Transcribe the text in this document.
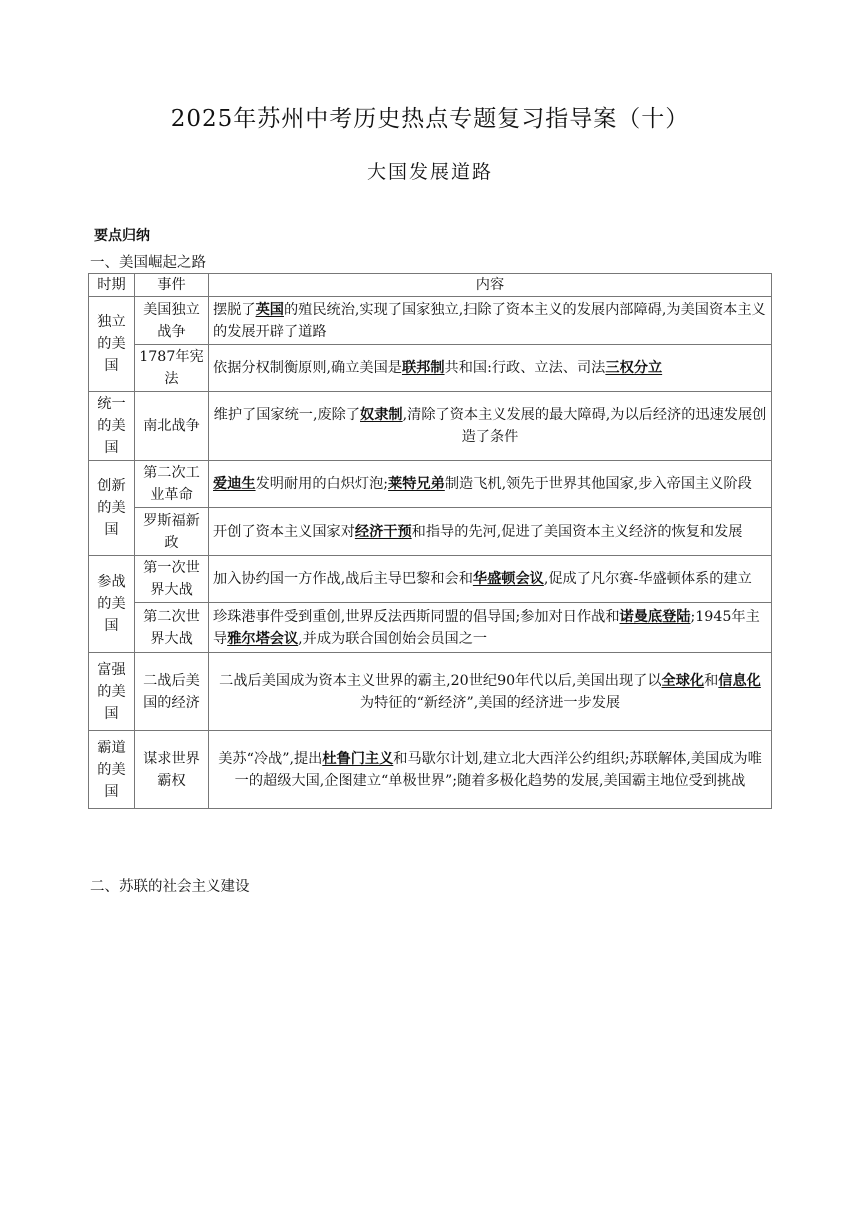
2025年苏州中考历史热点专题复习指导案（十）
大国发展道路
要点归纳
一、美国崛起之路
时期	事件	内容
独立的美国	美国独立战争	摆脱了英国的殖民统治,实现了国家独立,扫除了资本主义的发展内部障碍,为美国资本主义的发展开辟了道路
	1787年宪法	依据分权制衡原则,确立美国是联邦制共和国:行政、立法、司法三权分立
统一的美国	南北战争	维护了国家统一,废除了奴隶制,清除了资本主义发展的最大障碍,为以后经济的迅速发展创造了条件
创新的美国	第二次工业革命	爱迪生发明耐用的白炽灯泡;莱特兄弟制造飞机,领先于世界其他国家,步入帝国主义阶段
	罗斯福新政	开创了资本主义国家对经济干预和指导的先河,促进了美国资本主义经济的恢复和发展
参战的美国	第一次世界大战	加入协约国一方作战,战后主导巴黎和会和华盛顿会议,促成了凡尔赛-华盛顿体系的建立
	第二次世界大战	珍珠港事件受到重创,世界反法西斯同盟的倡导国;参加对日作战和诺曼底登陆;1945年主导雅尔塔会议,并成为联合国创始会员国之一
富强的美国	二战后美国的经济	二战后美国成为资本主义世界的霸主,20世纪90年代以后,美国出现了以全球化和信息化为特征的“新经济”,美国的经济进一步发展
霸道的美国	谋求世界霸权	美苏“冷战”,提出杜鲁门主义和马歇尔计划,建立北大西洋公约组织;苏联解体,美国成为唯一的超级大国,企图建立“单极世界”;随着多极化趋势的发展,美国霸主地位受到挑战
二、苏联的社会主义建设
